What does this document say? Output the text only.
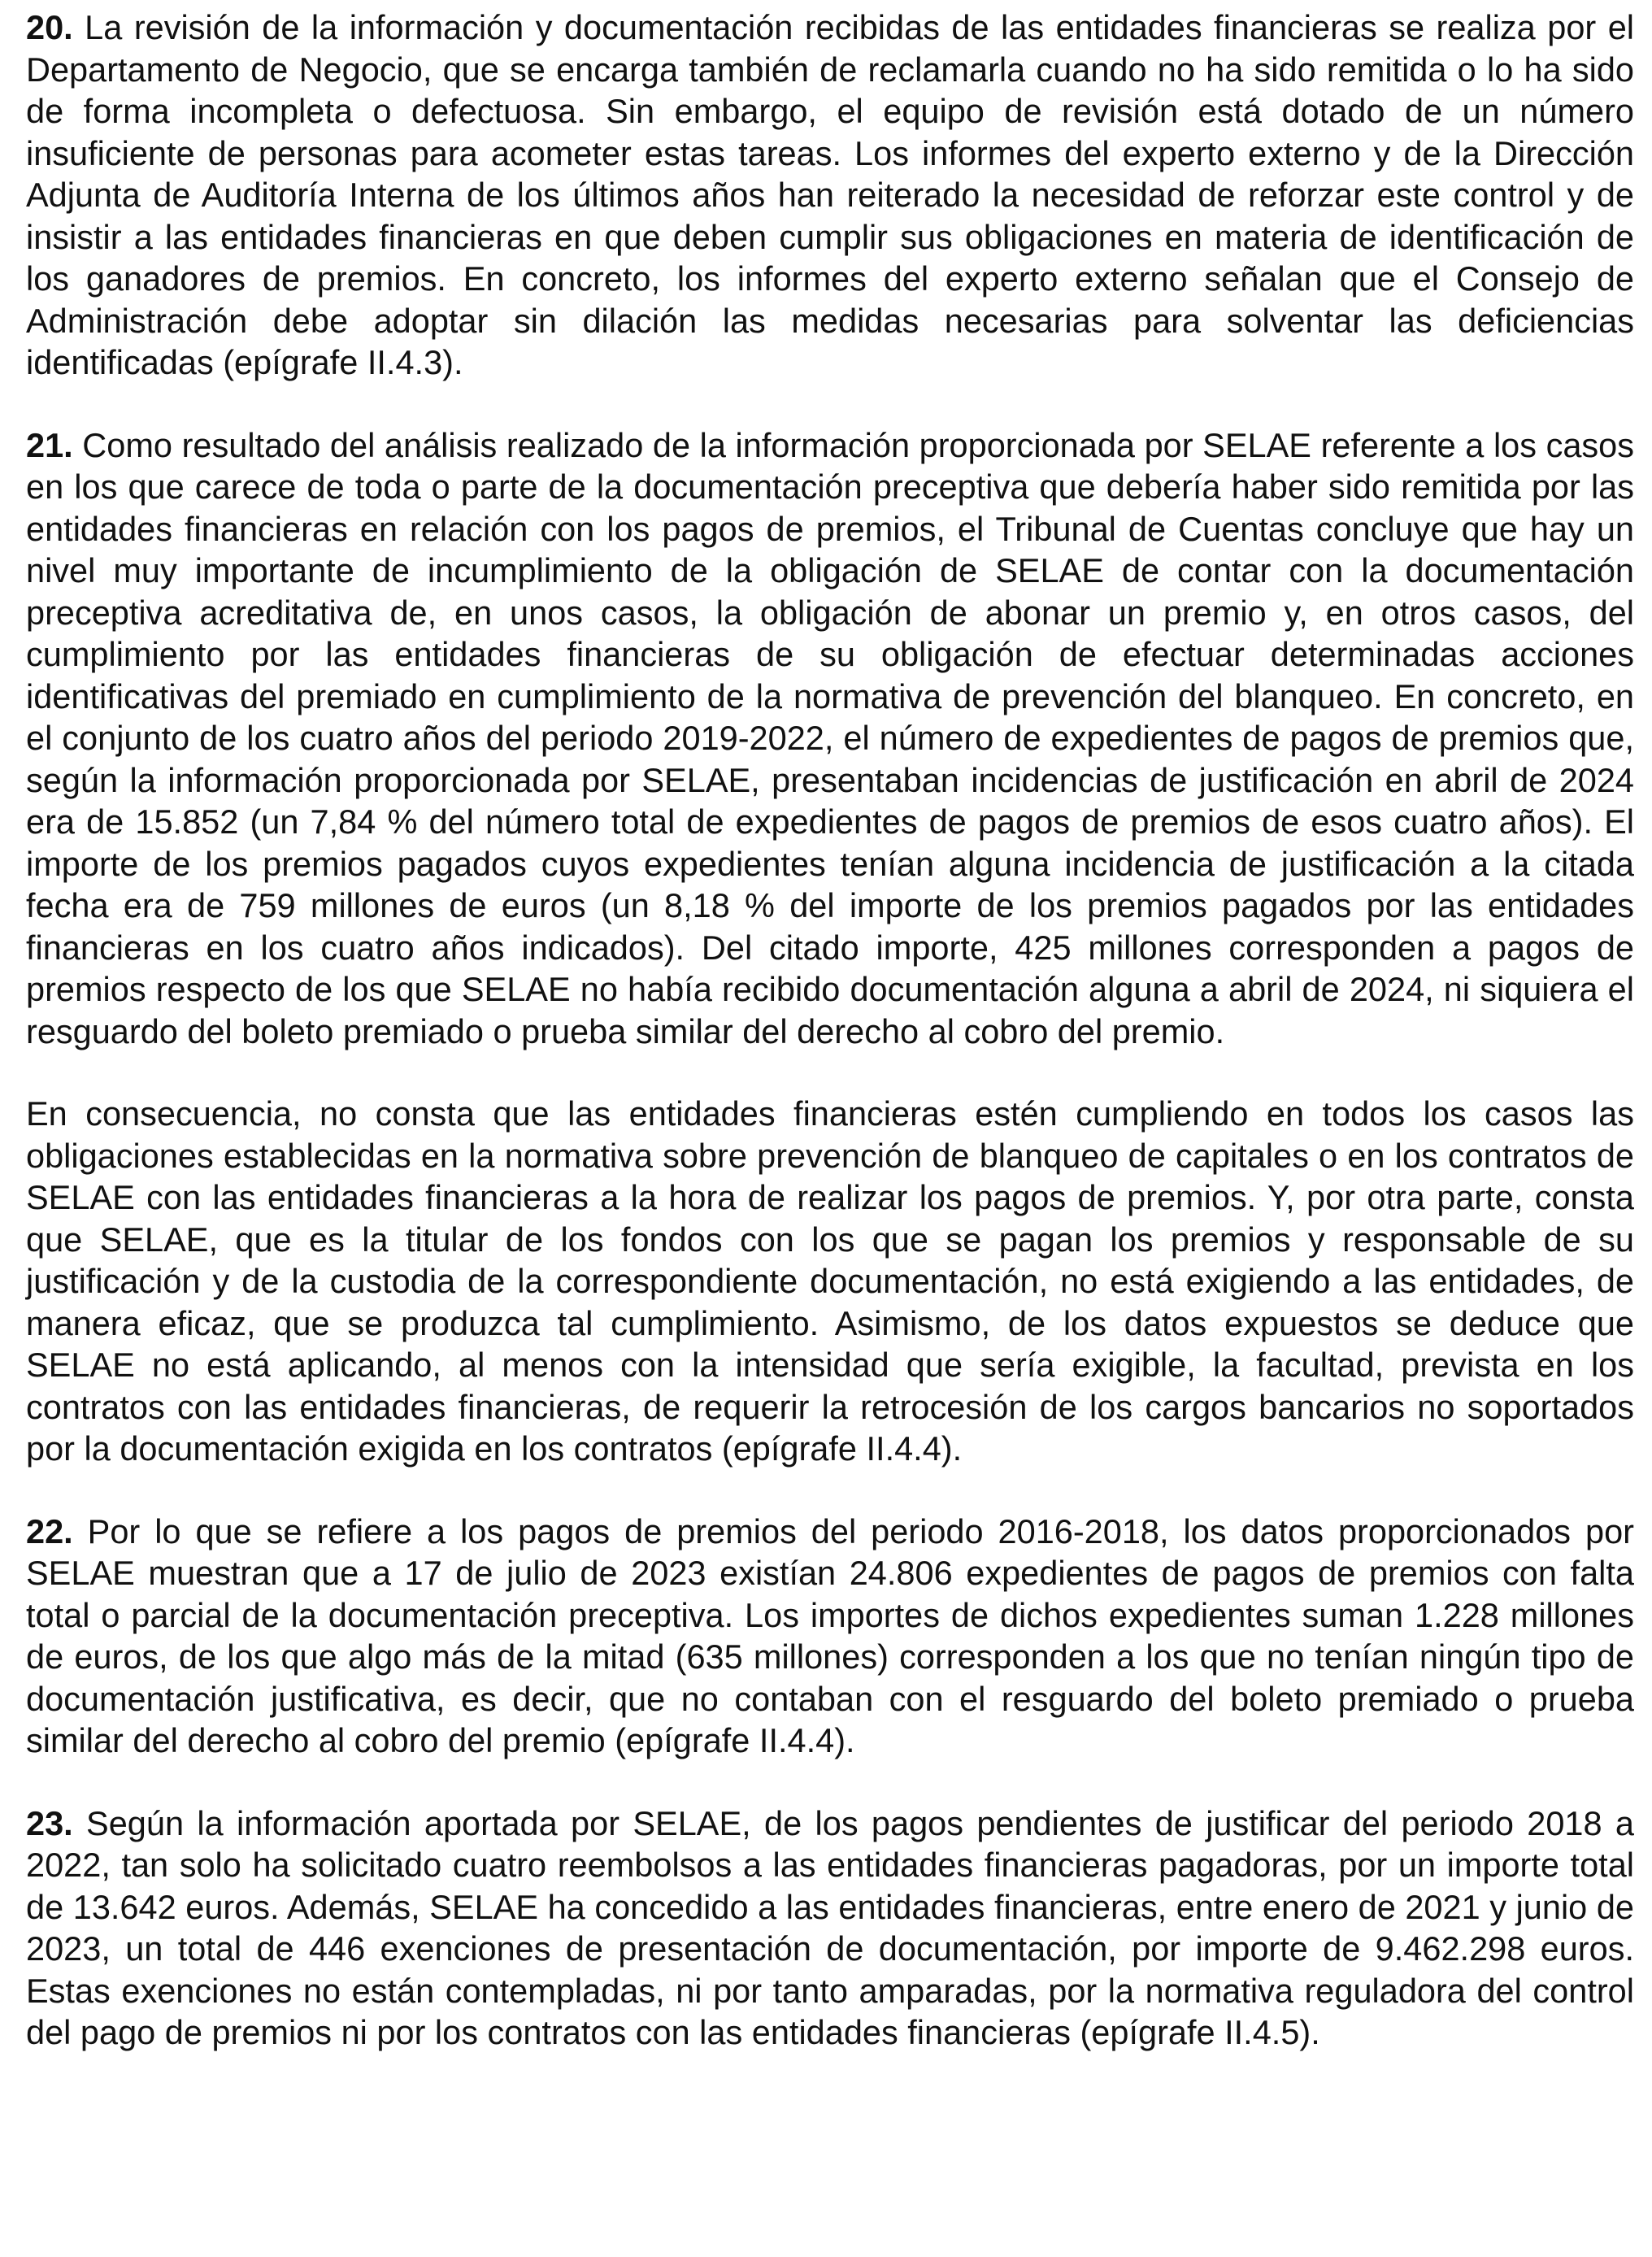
20. La revisión de la información y documentación recibidas de las entidades financieras se realiza por el Departamento de Negocio, que se encarga también de reclamarla cuando no ha sido remitida o lo ha sido de forma incompleta o defectuosa. Sin embargo, el equipo de revisión está dotado de un número insuficiente de personas para acometer estas tareas. Los informes del experto externo y de la Dirección Adjunta de Auditoría Interna de los últimos años han reiterado la necesidad de reforzar este control y de insistir a las entidades financieras en que deben cumplir sus obligaciones en materia de identificación de los ganadores de premios. En concreto, los informes del experto externo señalan que el Consejo de Administración debe adoptar sin dilación las medidas necesarias para solventar las deficiencias identificadas (epígrafe II.4.3).

21. Como resultado del análisis realizado de la información proporcionada por SELAE referente a los casos en los que carece de toda o parte de la documentación preceptiva que debería haber sido remitida por las entidades financieras en relación con los pagos de premios, el Tribunal de Cuentas concluye que hay un nivel muy importante de incumplimiento de la obligación de SELAE de contar con la documentación preceptiva acreditativa de, en unos casos, la obligación de abonar un premio y, en otros casos, del cumplimiento por las entidades financieras de su obligación de efectuar determinadas acciones identificativas del premiado en cumplimiento de la normativa de prevención del blanqueo. En concreto, en el conjunto de los cuatro años del periodo 2019-2022, el número de expedientes de pagos de premios que, según la información proporcionada por SELAE, presentaban incidencias de justificación en abril de 2024 era de 15.852 (un 7,84 % del número total de expedientes de pagos de premios de esos cuatro años). El importe de los premios pagados cuyos expedientes tenían alguna incidencia de justificación a la citada fecha era de 759 millones de euros (un 8,18 % del importe de los premios pagados por las entidades financieras en los cuatro años indicados). Del citado importe, 425 millones corresponden a pagos de premios respecto de los que SELAE no había recibido documentación alguna a abril de 2024, ni siquiera el resguardo del boleto premiado o prueba similar del derecho al cobro del premio.

En consecuencia, no consta que las entidades financieras estén cumpliendo en todos los casos las obligaciones establecidas en la normativa sobre prevención de blanqueo de capitales o en los contratos de SELAE con las entidades financieras a la hora de realizar los pagos de premios. Y, por otra parte, consta que SELAE, que es la titular de los fondos con los que se pagan los premios y responsable de su justificación y de la custodia de la correspondiente documentación, no está exigiendo a las entidades, de manera eficaz, que se produzca tal cumplimiento. Asimismo, de los datos expuestos se deduce que SELAE no está aplicando, al menos con la intensidad que sería exigible, la facultad, prevista en los contratos con las entidades financieras, de requerir la retrocesión de los cargos bancarios no soportados por la documentación exigida en los contratos (epígrafe II.4.4).

22. Por lo que se refiere a los pagos de premios del periodo 2016-2018, los datos proporcionados por SELAE muestran que a 17 de julio de 2023 existían 24.806 expedientes de pagos de premios con falta total o parcial de la documentación preceptiva. Los importes de dichos expedientes suman 1.228 millones de euros, de los que algo más de la mitad (635 millones) corresponden a los que no tenían ningún tipo de documentación justificativa, es decir, que no contaban con el resguardo del boleto premiado o prueba similar del derecho al cobro del premio (epígrafe II.4.4).

23. Según la información aportada por SELAE, de los pagos pendientes de justificar del periodo 2018 a 2022, tan solo ha solicitado cuatro reembolsos a las entidades financieras pagadoras, por un importe total de 13.642 euros. Además, SELAE ha concedido a las entidades financieras, entre enero de 2021 y junio de 2023, un total de 446 exenciones de presentación de documentación, por importe de 9.462.298 euros. Estas exenciones no están contempladas, ni por tanto amparadas, por la normativa reguladora del control del pago de premios ni por los contratos con las entidades financieras (epígrafe II.4.5).
